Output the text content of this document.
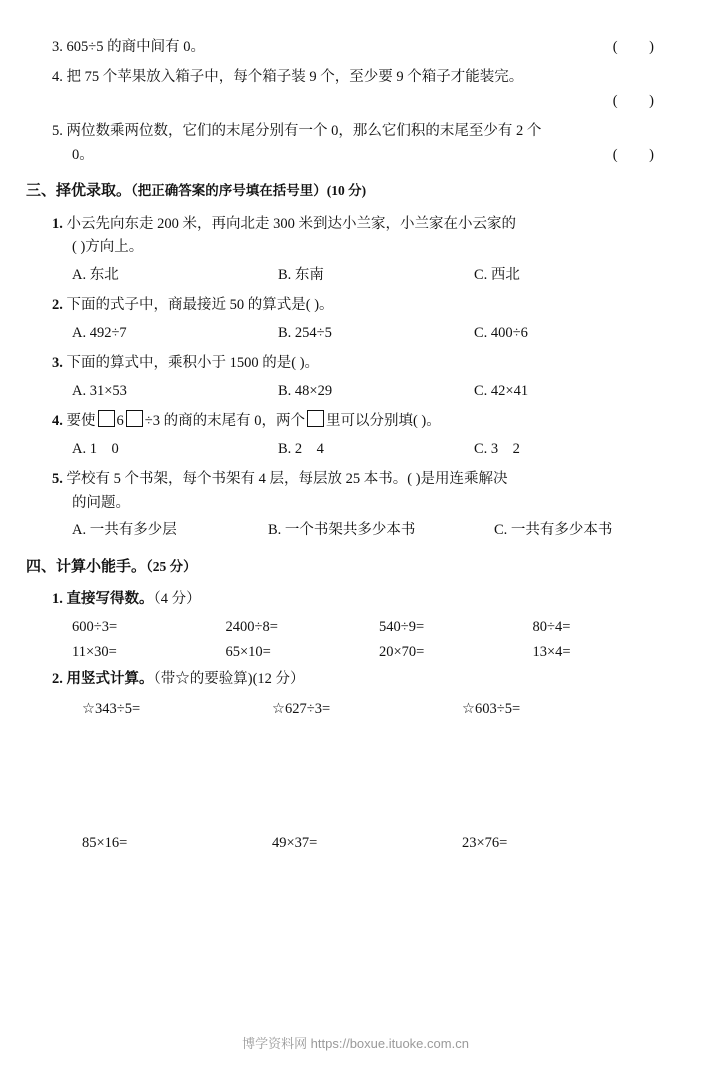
3. 605÷5 的商中间有 0。	( )
4. 把 75 个苹果放入箱子中，每个箱子装 9 个，至少要 9 个箱子才能装完。
( )
5. 两位数乘两位数，它们的末尾分别有一个 0，那么它们积的末尾至少有 2 个
0。	( )
三、择优录取。（把正确答案的序号填在括号里）(10 分)
1. 小云先向东走 200 米，再向北走 300 米到达小兰家，小兰家在小云家的
( )方向上。
A. 东北	B. 东南	C. 西北
2. 下面的式子中，商最接近 50 的算式是( )。
A. 492÷7	B. 254÷5	C. 400÷6
3. 下面的算式中，乘积小于 1500 的是( )。
A. 31×53	B. 48×29	C. 42×41
4. 要使 6 ÷3 的商的末尾有 0，两个 里可以分别填( )。
A. 1　0	B. 2　4	C. 3　2
5. 学校有 5 个书架，每个书架有 4 层，每层放 25 本书。( )是用连乘解决
的问题。
A. 一共有多少层	B. 一个书架共多少本书	C. 一共有多少本书
四、计算小能手。（25 分）
1. 直接写得数。（4 分）
600÷3=	2400÷8=	540÷9=	80÷4=
11×30=	65×10=	20×70=	13×4=
2. 用竖式计算。（带☆的要验算)(12 分）
☆343÷5=	☆627÷3=	☆603÷5=
85×16=	49×37=	23×76=
博学资料网 https://boxue.ituoke.com.cn
